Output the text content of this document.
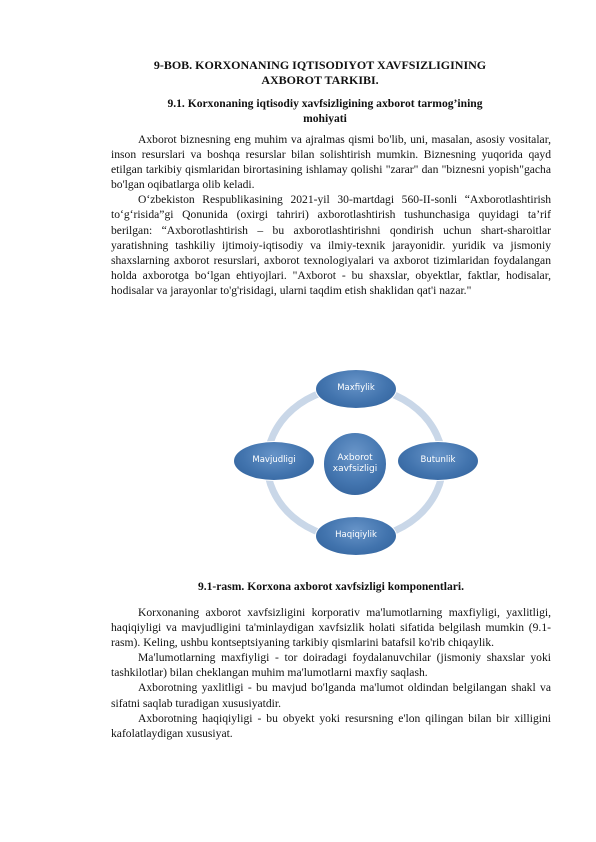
9-BOB. KORXONANING IQTISODIYOT XAVFSIZLIGINING
AXBOROT TARKIBI.
9.1. Korxonaning iqtisodiy xavfsizligining axborot tarmog’ining
mohiyati

Axborot biznesning eng muhim va ajralmas qismi bo'lib, uni, masalan, asosiy vositalar, inson resurslari va boshqa resurslar bilan solishtirish mumkin. Biznesning yuqorida qayd etilgan tarkibiy qismlaridan birortasining ishlamay qolishi "zarar" dan "biznesni yopish"gacha bo'lgan oqibatlarga olib keladi.

O‘zbekiston Respublikasining 2021-yil 30-martdagi 560-II-sonli “Axborotlashtirish to‘g‘risida”gi Qonunida (oxirgi tahriri) axborotlashtirish tushunchasiga quyidagi ta’rif berilgan: “Axborotlashtirish – bu axborotlashtirishni qondirish uchun shart-sharoitlar yaratishning tashkiliy ijtimoiy-iqtisodiy va ilmiy-texnik jarayonidir. yuridik va jismoniy shaxslarning axborot resurslari, axborot texnologiyalari va axborot tizimlaridan foydalangan holda axborotga bo‘lgan ehtiyojlari. "Axborot - bu shaxslar, obyektlar, faktlar, hodisalar, hodisalar va jarayonlar to'g'risidagi, ularni taqdim etish shaklidan qat'i nazar."

Maxfiylik
Butunlik
Haqiqiylik
Mavjudligi	Axborot
xavfsizligi
9.1-rasm. Korxona axborot xavfsizligi komponentlari.

Korxonaning axborot xavfsizligini korporativ ma'lumotlarning maxfiyligi, yaxlitligi, haqiqiyligi va mavjudligini ta'minlaydigan xavfsizlik holati sifatida belgilash mumkin (9.1-rasm). Keling, ushbu kontseptsiyaning tarkibiy qismlarini batafsil ko'rib chiqaylik.

Ma'lumotlarning maxfiyligi - tor doiradagi foydalanuvchilar (jismoniy shaxslar yoki tashkilotlar) bilan cheklangan muhim ma'lumotlarni maxfiy saqlash.

Axborotning yaxlitligi - bu mavjud bo'lganda ma'lumot oldindan belgilangan shakl va sifatni saqlab turadigan xususiyatdir.

Axborotning haqiqiyligi - bu obyekt yoki resursning e'lon qilingan bilan bir xilligini kafolatlaydigan xususiyat.
